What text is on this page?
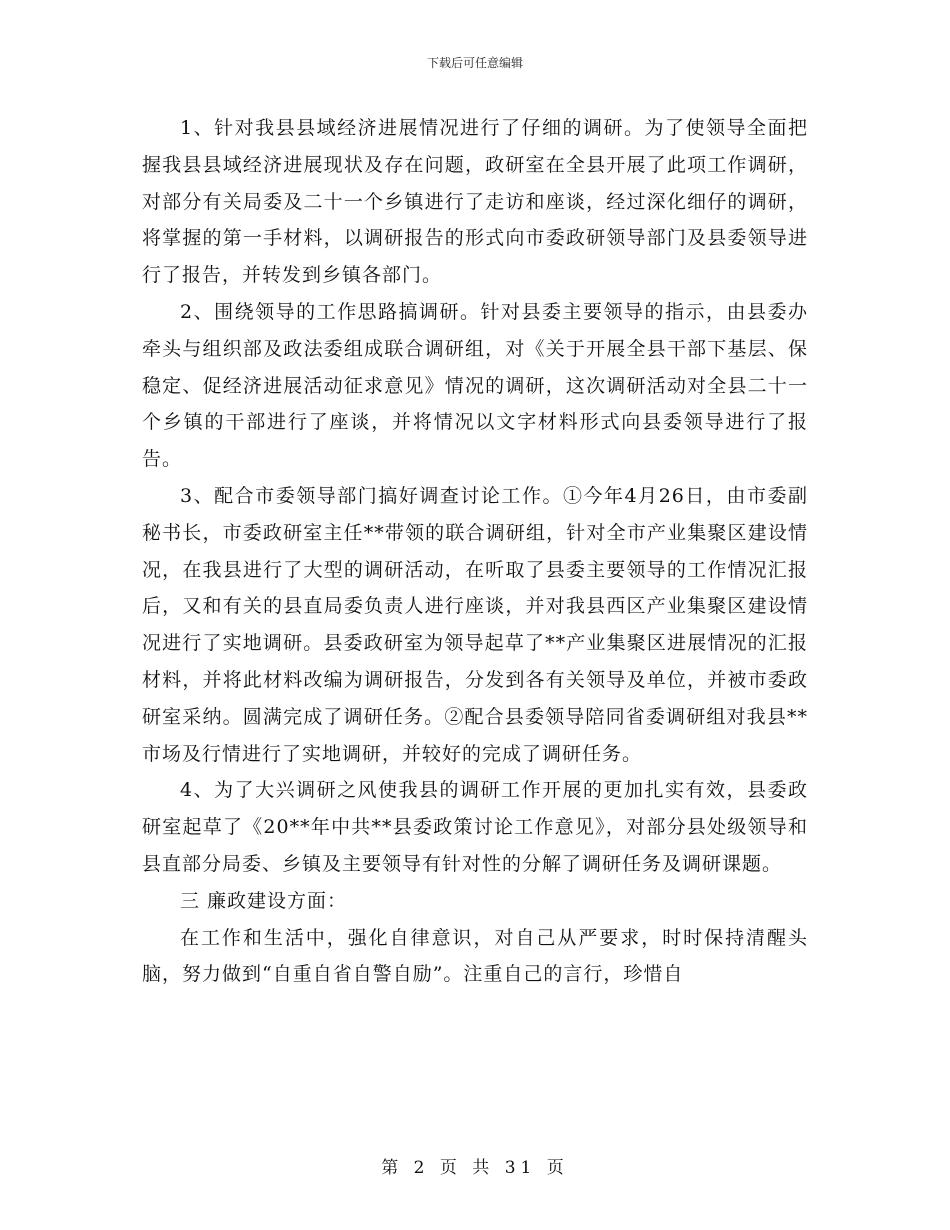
下载后可任意编辑

1、针对我县县域经济进展情况进行了仔细的调研。为了使领导全面把握我县县域经济进展现状及存在问题，政研室在全县开展了此项工作调研，对部分有关局委及二十一个乡镇进行了走访和座谈，经过深化细仔的调研，将掌握的第一手材料，以调研报告的形式向市委政研领导部门及县委领导进行了报告，并转发到乡镇各部门。

2、围绕领导的工作思路搞调研。针对县委主要领导的指示，由县委办牵头与组织部及政法委组成联合调研组，对《关于开展全县干部下基层、保稳定、促经济进展活动征求意见》情况的调研，这次调研活动对全县二十一个乡镇的干部进行了座谈，并将情况以文字材料形式向县委领导进行了报告。

3、配合市委领导部门搞好调查讨论工作。①今年4月26日，由市委副秘书长，市委政研室主任**带领的联合调研组，针对全市产业集聚区建设情况，在我县进行了大型的调研活动，在听取了县委主要领导的工作情况汇报后，又和有关的县直局委负责人进行座谈，并对我县西区产业集聚区建设情况进行了实地调研。县委政研室为领导起草了**产业集聚区进展情况的汇报材料，并将此材料改编为调研报告，分发到各有关领导及单位，并被市委政研室采纳。圆满完成了调研任务。②配合县委领导陪同省委调研组对我县**市场及行情进行了实地调研，并较好的完成了调研任务。

4、为了大兴调研之风使我县的调研工作开展的更加扎实有效，县委政研室起草了《20**年中共**县委政策讨论工作意见》，对部分县处级领导和县直部分局委、乡镇及主要领导有针对性的分解了调研任务及调研课题。

三 廉政建设方面：

在工作和生活中，强化自律意识，对自己从严要求，时时保持清醒头脑，努力做到“自重自省自警自励”。注重自己的言行，珍惜自

第 2 页 共 31 页
